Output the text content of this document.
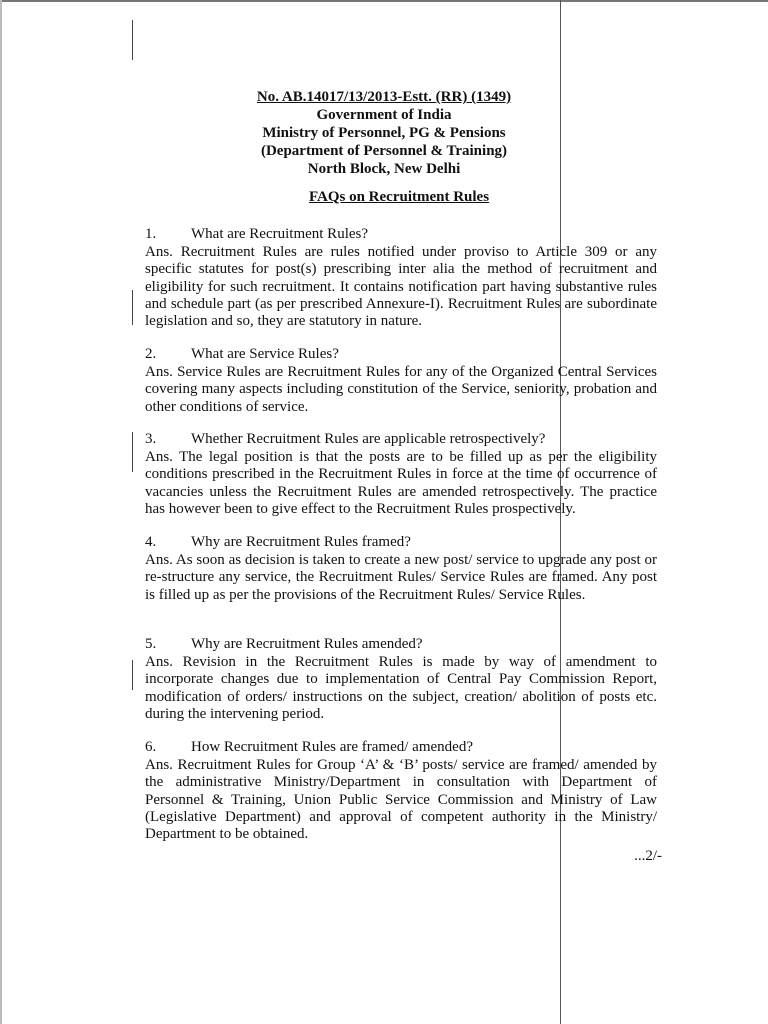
No. AB.14017/13/2013-Estt. (RR) (1349)
Government of India
Ministry of Personnel, PG & Pensions
(Department of Personnel & Training)
North Block, New Delhi
FAQs on Recruitment Rules

1. What are Recruitment Rules?

Ans. Recruitment Rules are rules notified under proviso to Article 309 or any specific statutes for post(s) prescribing inter alia the method of recruitment and eligibility for such recruitment. It contains notification part having substantive rules and schedule part (as per prescribed Annexure-I). Recruitment Rules are subordinate legislation and so, they are statutory in nature.

2. What are Service Rules?

Ans. Service Rules are Recruitment Rules for any of the Organized Central Services covering many aspects including constitution of the Service, seniority, probation and other conditions of service.

3. Whether Recruitment Rules are applicable retrospectively?

Ans. The legal position is that the posts are to be filled up as per the eligibility conditions prescribed in the Recruitment Rules in force at the time of occurrence of vacancies unless the Recruitment Rules are amended retrospectively. The practice has however been to give effect to the Recruitment Rules prospectively.

4. Why are Recruitment Rules framed?

Ans. As soon as decision is taken to create a new post/ service to upgrade any post or re-structure any service, the Recruitment Rules/ Service Rules are framed. Any post is filled up as per the provisions of the Recruitment Rules/ Service Rules.

5. Why are Recruitment Rules amended?

Ans. Revision in the Recruitment Rules is made by way of amendment to incorporate changes due to implementation of Central Pay Commission Report, modification of orders/ instructions on the subject, creation/ abolition of posts etc. during the intervening period.

6. How Recruitment Rules are framed/ amended?

Ans. Recruitment Rules for Group ‘A’ & ‘B’ posts/ service are framed/ amended by the administrative Ministry/Department in consultation with Department of Personnel & Training, Union Public Service Commission and Ministry of Law (Legislative Department) and approval of competent authority in the Ministry/ Department to be obtained.

...2/-
